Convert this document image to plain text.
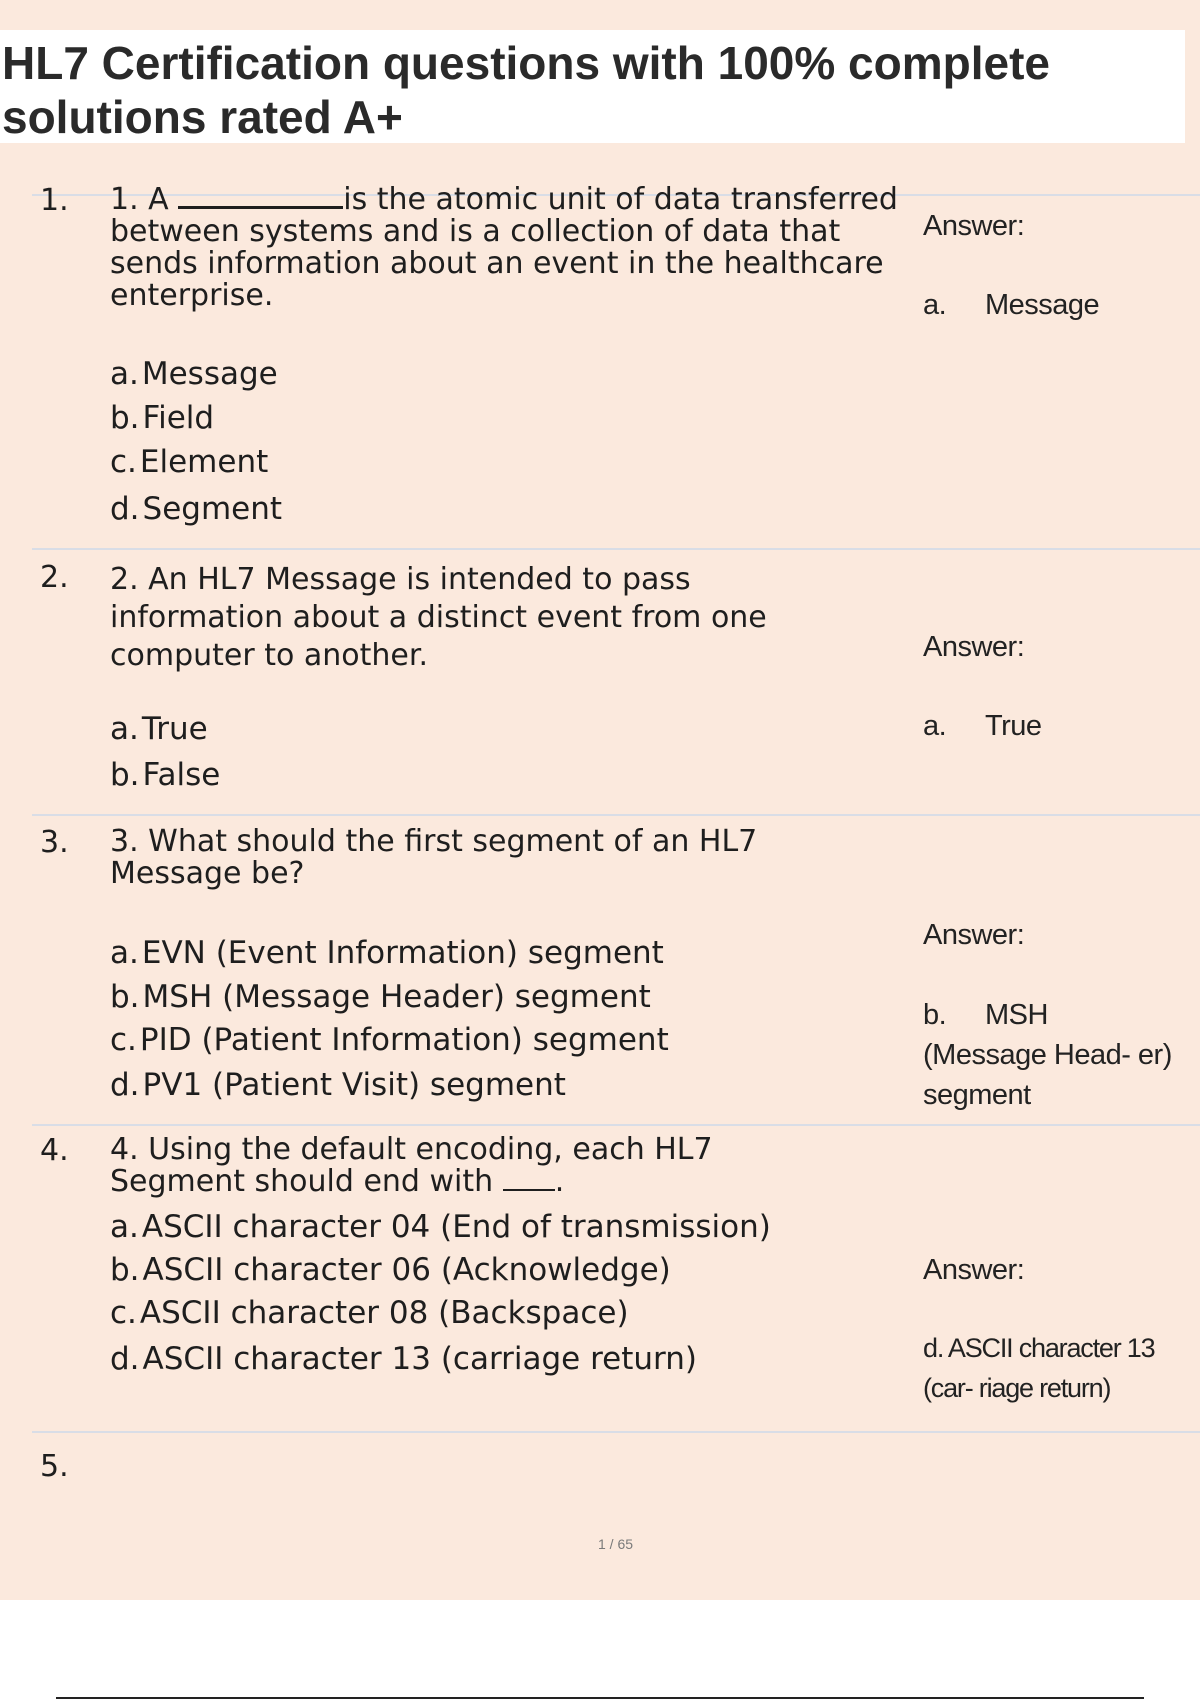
HL7 Certification questions with 100% complete solutions rated A+
1. 1. A	is the atomic unit of data transferred between systems and is a collection of data that sends information about an event in the healthcare enterprise.
a.Message
b.Field
c.Element
d.Segment
Answer:
a. Message
2. 2. An HL7 Message is intended to pass information about a distinct event from one computer to another.
a.True
b.False
Answer:
a. True
3. 3. What should the first segment of an HL7 Message be?
a.EVN (Event Information) segment
b.MSH (Message Header) segment
c.PID (Patient Information) segment
d.PV1 (Patient Visit) segment
Answer:
b. MSH (Message Head- er) segment
4. 4. Using the default encoding, each HL7 Segment should end with .
a.ASCII character 04 (End of transmission)
b.ASCII character 06 (Acknowledge)
c.ASCII character 08 (Backspace)
d.ASCII character 13 (carriage return)
Answer:
d. ASCII character 13 (car- riage return)
5.
1 / 65
